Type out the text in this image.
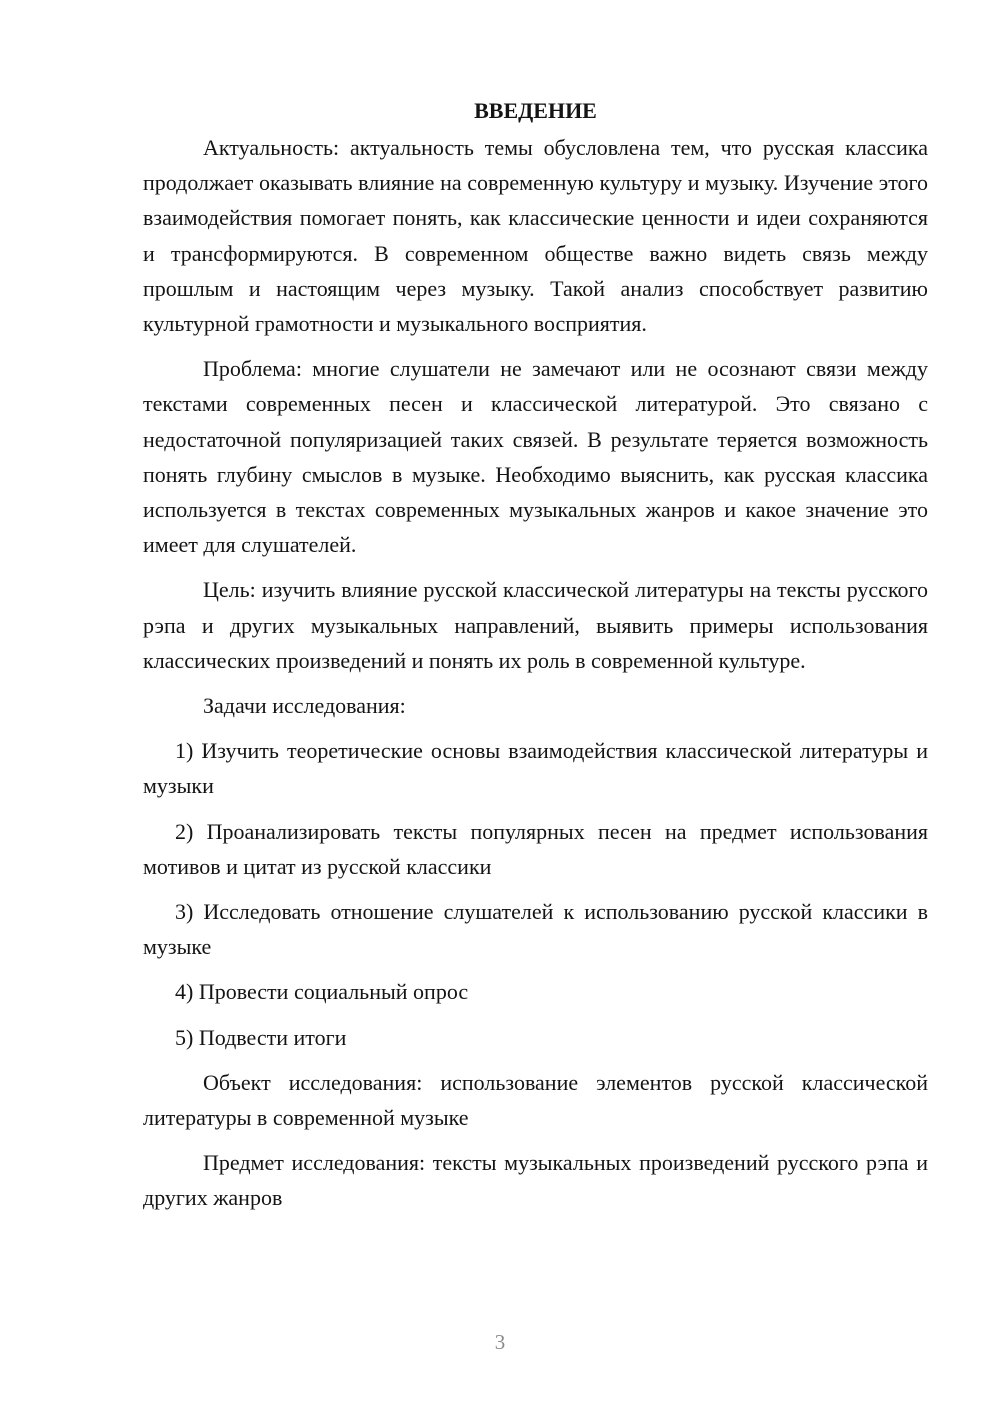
ВВЕДЕНИЕ

Актуальность: актуальность темы обусловлена тем, что русская классика продолжает оказывать влияние на современную культуру и музыку. Изучение этого взаимодействия помогает понять, как классические ценности и идеи сохраняются и трансформируются. В современном обществе важно видеть связь между прошлым и настоящим через музыку. Такой анализ способствует развитию культурной грамотности и музыкального восприятия.

Проблема: многие слушатели не замечают или не осознают связи между текстами современных песен и классической литературой. Это связано с недостаточной популяризацией таких связей. В результате теряется возможность понять глубину смыслов в музыке. Необходимо выяснить, как русская классика используется в текстах современных музыкальных жанров и какое значение это имеет для слушателей.

Цель: изучить влияние русской классической литературы на тексты русского рэпа и других музыкальных направлений, выявить примеры использования классических произведений и понять их роль в современной культуре.

Задачи исследования:

1) Изучить теоретические основы взаимодействия классической литературы и музыки

2) Проанализировать тексты популярных песен на предмет использования мотивов и цитат из русской классики

3) Исследовать отношение слушателей к использованию русской классики в музыке

4) Провести социальный опрос

5) Подвести итоги

Объект исследования: использование элементов русской классической литературы в современной музыке

Предмет исследования: тексты музыкальных произведений русского рэпа и других жанров

3
